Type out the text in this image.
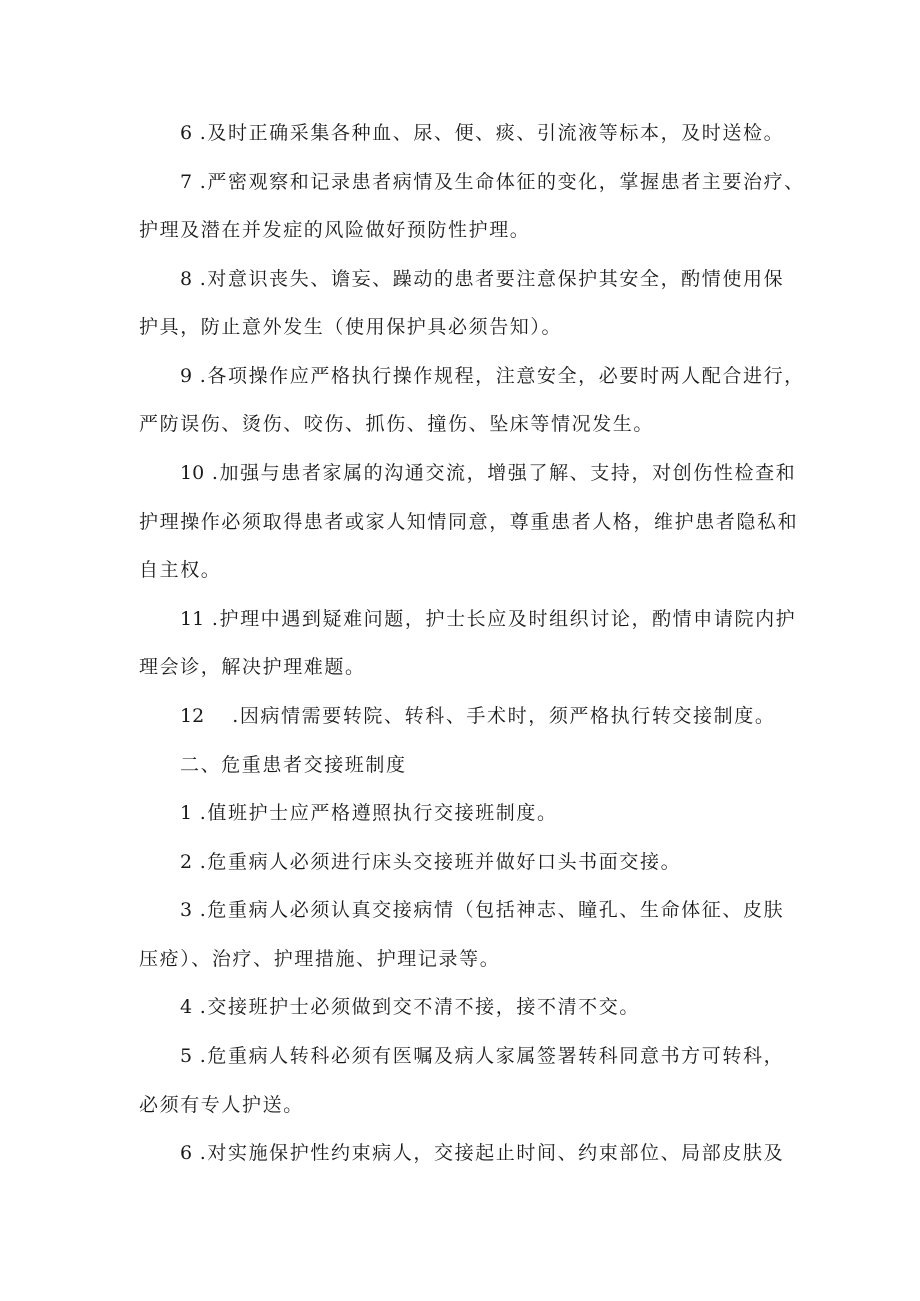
6 .及时正确采集各种血、尿、便、痰、引流液等标本，及时送检。
7 .严密观察和记录患者病情及生命体征的变化，掌握患者主要治疗、
护理及潜在并发症的风险做好预防性护理。
8 .对意识丧失、谵妄、躁动的患者要注意保护其安全，酌情使用保
护具，防止意外发生（使用保护具必须告知）。
9 .各项操作应严格执行操作规程，注意安全，必要时两人配合进行，
严防误伤、烫伤、咬伤、抓伤、撞伤、坠床等情况发生。
10 .加强与患者家属的沟通交流，增强了解、支持，对创伤性检查和
护理操作必须取得患者或家人知情同意，尊重患者人格，维护患者隐私和
自主权。
11 .护理中遇到疑难问题，护士长应及时组织讨论，酌情申请院内护
理会诊，解决护理难题。
12 .因病情需要转院、转科、手术时，须严格执行转交接制度。
二、危重患者交接班制度
1 .值班护士应严格遵照执行交接班制度。
2 .危重病人必须进行床头交接班并做好口头书面交接。
3 .危重病人必须认真交接病情（包括神志、瞳孔、生命体征、皮肤
压疮）、治疗、护理措施、护理记录等。
4 .交接班护士必须做到交不清不接，接不清不交。
5 .危重病人转科必须有医嘱及病人家属签署转科同意书方可转科，
必须有专人护送。
6 .对实施保护性约束病人，交接起止时间、约束部位、局部皮肤及
